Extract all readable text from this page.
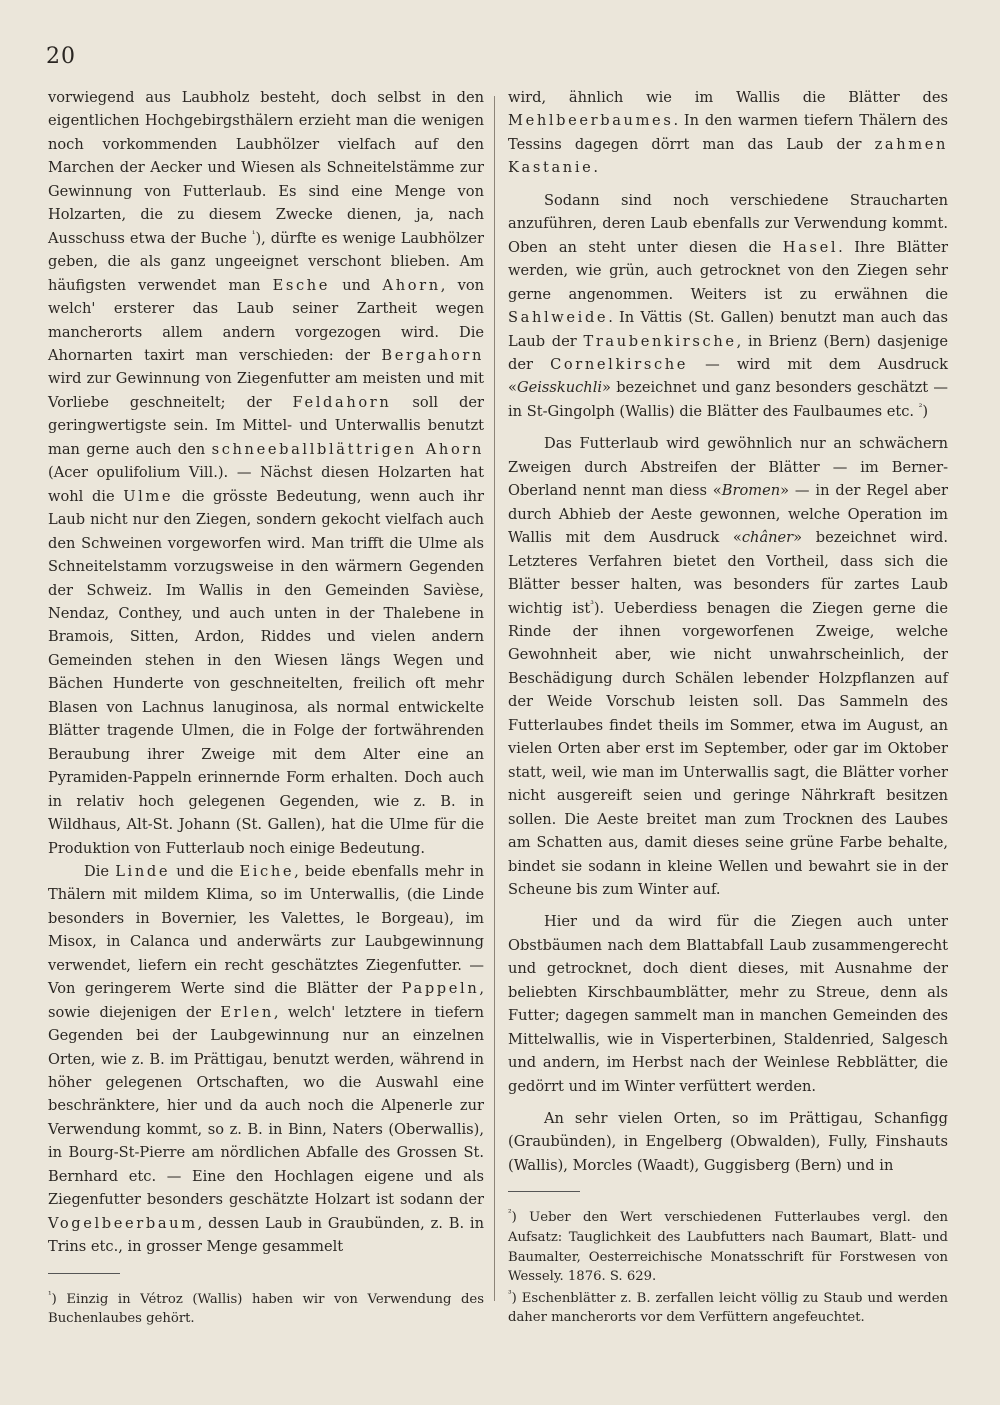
20

vorwiegend aus Laubholz besteht, doch selbst in den eigentlichen Hochgebirgsthälern erzieht man die wenigen noch vorkommenden Laubhölzer vielfach auf den Marchen der Aecker und Wiesen als Schneitelstämme zur Gewinnung von Futterlaub. Es sind eine Menge von Holzarten, die zu diesem Zwecke dienen, ja, nach Ausschuss etwa der Buche $^{^1}$), dürfte es wenige Laubhölzer geben, die als ganz ungeeignet verschont blieben. Am häufigsten verwendet man Esche und Ahorn, von welch' ersterer das Laub seiner Zartheit wegen mancherorts allem andern vorgezogen wird. Die Ahornarten taxirt man verschieden: der Bergahorn wird zur Gewinnung von Ziegenfutter am meisten und mit Vorliebe geschneitelt; der Feldahorn soll der geringwertigste sein. Im Mittel- und Unterwallis benutzt man gerne auch den schneeballblättrigen Ahorn (Acer opulifolium Vill.). — Nächst diesen Holzarten hat wohl die Ulme die grösste Bedeutung, wenn auch ihr Laub nicht nur den Ziegen, sondern gekocht vielfach auch den Schweinen vorgeworfen wird. Man trifft die Ulme als Schneitelstamm vorzugsweise in den wärmern Gegenden der Schweiz. Im Wallis in den Gemeinden Savièse, Nendaz, Conthey, und auch unten in der Thalebene in Bramois, Sitten, Ardon, Riddes und vielen andern Gemeinden stehen in den Wiesen längs Wegen und Bächen Hunderte von geschneitelten, freilich oft mehr Blasen von Lachnus lanuginosa, als normal entwickelte Blätter tragende Ulmen, die in Folge der fortwährenden Beraubung ihrer Zweige mit dem Alter eine an Pyramiden-Pappeln erinnernde Form erhalten. Doch auch in relativ hoch gelegenen Gegenden, wie z. B. in Wildhaus, Alt-St. Johann (St. Gallen), hat die Ulme für die Produktion von Futterlaub noch einige Bedeutung.

Die Linde und die Eiche, beide ebenfalls mehr in Thälern mit mildem Klima, so im Unterwallis, (die Linde besonders in Bovernier, les Valettes, le Borgeau), im Misox, in Calanca und anderwärts zur Laubgewinnung verwendet, liefern ein recht geschätztes Ziegenfutter. — Von geringerem Werte sind die Blätter der Pappeln, sowie diejenigen der Erlen, welch' letztere in tiefern Gegenden bei der Laubgewinnung nur an einzelnen Orten, wie z. B. im Prättigau, benutzt werden, während in höher gelegenen Ortschaften, wo die Auswahl eine beschränktere, hier und da auch noch die Alpenerle zur Verwendung kommt, so z. B. in Binn, Naters (Oberwallis), in Bourg-St-Pierre am nördlichen Abfalle des Grossen St. Bernhard etc. — Eine den Hochlagen eigene und als Ziegenfutter besonders geschätzte Holzart ist sodann der Vogelbeerbaum, dessen Laub in Graubünden, z. B. in Trins etc., in grosser Menge gesammelt

$^{^1}$) Einzig in Vétroz (Wallis) haben wir von Verwendung des Buchenlaubes gehört.

wird, ähnlich wie im Wallis die Blätter des Mehlbeerbaumes. In den warmen tiefern Thälern des Tessins dagegen dörrt man das Laub der zahmen Kastanie.

Sodann sind noch verschiedene Straucharten anzuführen, deren Laub ebenfalls zur Verwendung kommt. Oben an steht unter diesen die Hasel. Ihre Blätter werden, wie grün, auch getrocknet von den Ziegen sehr gerne angenommen. Weiters ist zu erwähnen die Sahlweide. In Vättis (St. Gallen) benutzt man auch das Laub der Traubenkirsche, in Brienz (Bern) dasjenige der Cornelkirsche — wird mit dem Ausdruck «Geisskuchli» bezeichnet und ganz besonders geschätzt — in St-Gingolph (Wallis) die Blätter des Faulbaumes etc. $^{^2}$)

Das Futterlaub wird gewöhnlich nur an schwächern Zweigen durch Abstreifen der Blätter — im Berner-Oberland nennt man diess «Bromen» — in der Regel aber durch Abhieb der Aeste gewonnen, welche Operation im Wallis mit dem Ausdruck «châner» bezeichnet wird. Letzteres Verfahren bietet den Vortheil, dass sich die Blätter besser halten, was besonders für zartes Laub wichtig ist$^{^3}$). Ueberdiess benagen die Ziegen gerne die Rinde der ihnen vorgeworfenen Zweige, welche Gewohnheit aber, wie nicht unwahrscheinlich, der Beschädigung durch Schälen lebender Holzpflanzen auf der Weide Vorschub leisten soll. Das Sammeln des Futterlaubes findet theils im Sommer, etwa im August, an vielen Orten aber erst im September, oder gar im Oktober statt, weil, wie man im Unterwallis sagt, die Blätter vorher nicht ausgereift seien und geringe Nährkraft besitzen sollen. Die Aeste breitet man zum Trocknen des Laubes am Schatten aus, damit dieses seine grüne Farbe behalte, bindet sie sodann in kleine Wellen und bewahrt sie in der Scheune bis zum Winter auf.

Hier und da wird für die Ziegen auch unter Obstbäumen nach dem Blattabfall Laub zusammengerecht und getrocknet, doch dient dieses, mit Ausnahme der beliebten Kirschbaumblätter, mehr zu Streue, denn als Futter; dagegen sammelt man in manchen Gemeinden des Mittelwallis, wie in Visperterbinen, Staldenried, Salgesch und andern, im Herbst nach der Weinlese Rebblätter, die gedörrt und im Winter verfüttert werden.

An sehr vielen Orten, so im Prättigau, Schanfigg (Graubünden), in Engelberg (Obwalden), Fully, Finshauts (Wallis), Morcles (Waadt), Guggisberg (Bern) und in

$^{^2}$) Ueber den Wert verschiedenen Futterlaubes vergl. den Aufsatz: Tauglichkeit des Laubfutters nach Baumart, Blatt- und Baumalter, Oesterreichische Monatsschrift für Forstwesen von Wessely. 1876. S. 629.

$^{^3}$) Eschenblätter z. B. zerfallen leicht völlig zu Staub und werden daher mancherorts vor dem Verfüttern angefeuchtet.
